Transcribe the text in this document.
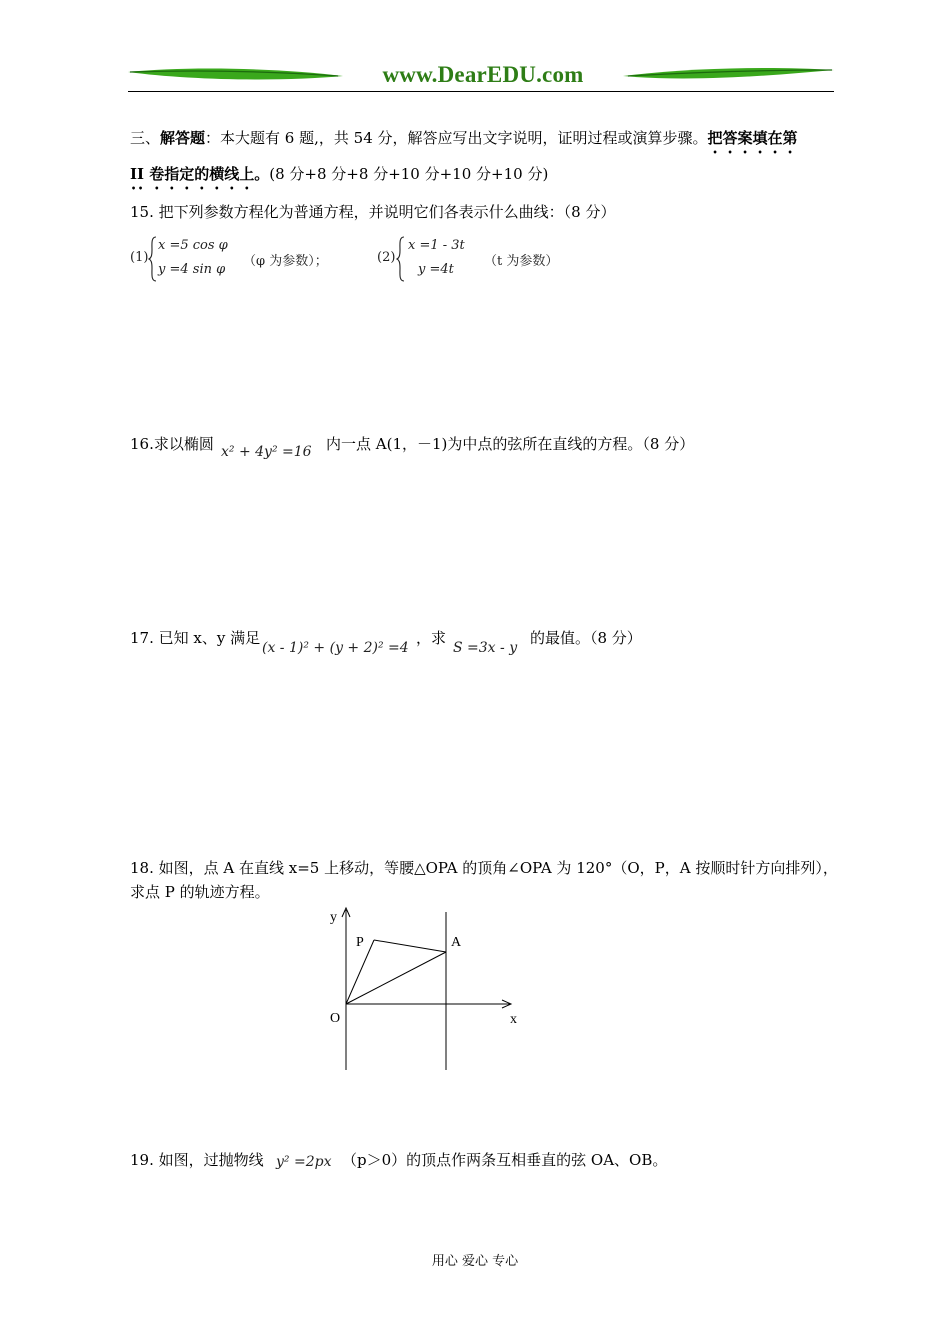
www.DearEDU.com
三、解答题：本大题有 6 题,，共 54 分，解答应写出文字说明，证明过程或演算步骤。把答案填在第
II 卷指定的横线上。(8 分+8 分+8 分+10 分+10 分+10 分)
15. 把下列参数方程化为普通方程，并说明它们各表示什么曲线：（8 分）
(1)
x =5 cos φ
y =4 sin φ
（φ 为参数）；	(2)
x =1 - 3t
y =4t
（t 为参数）
16.求以椭圆 x² + 4y² =16 内一点 A(1，－1)为中点的弦所在直线的方程。（8 分）
17. 已知 x、y 满足
(x - 1)² + (y + 2)² =4
，求
S =3x - y
的最值。（8 分）
18. 如图，点 A 在直线 x=5 上移动，等腰△OPA 的顶角∠OPA 为 120°（O，P，A 按顺时针方向排列），
求点 P 的轨迹方程。
y
P	A
O	x
19. 如图，过抛物线 y² =2px （p＞0）的顶点作两条互相垂直的弦 OA、OB。
用心 爱心 专心
